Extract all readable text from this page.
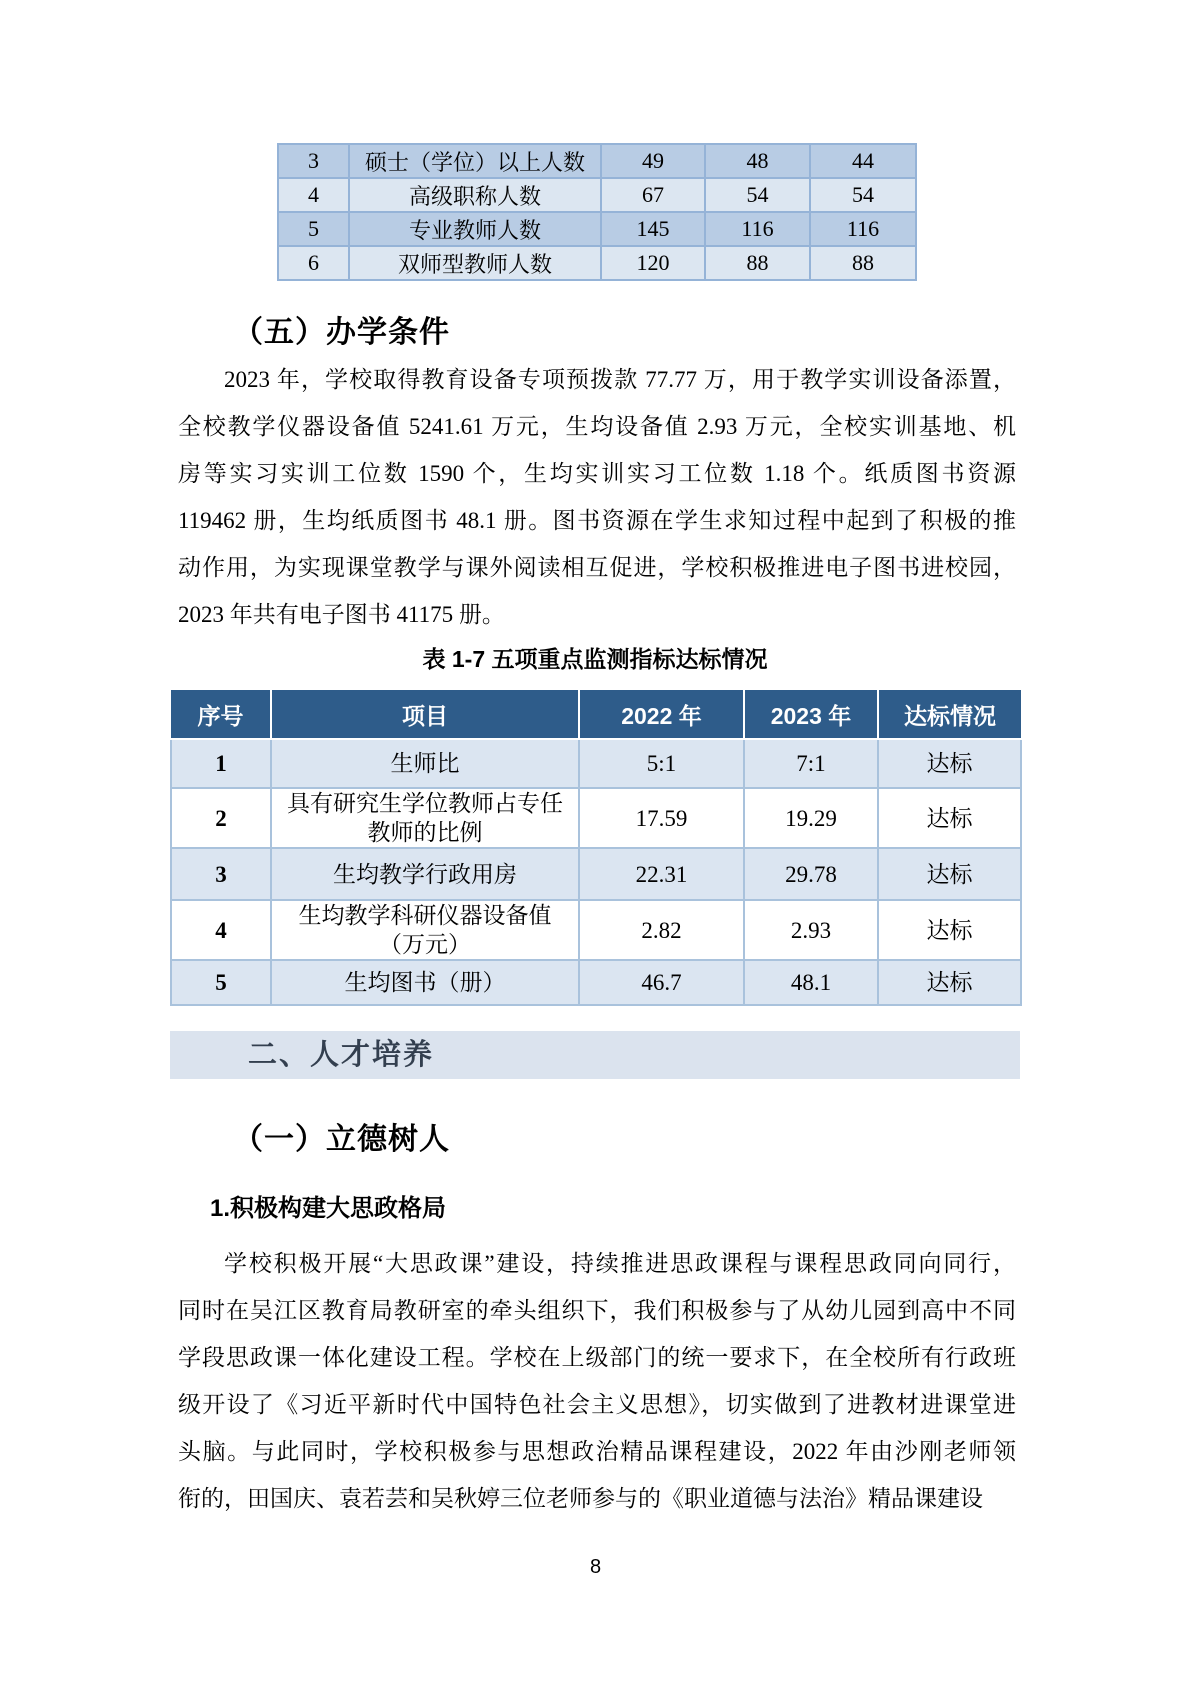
3	硕士（学位）以上人数	49	48	44
4	高级职称人数	67	54	54
5	专业教师人数	145	116	116
6	双师型教师人数	120	88	88
（五）办学条件
2023 年，学校取得教育设备专项预拨款 77.77 万，用于教学实训设备添置，
全校教学仪器设备值 5241.61 万元，生均设备值 2.93 万元，全校实训基地、机
房等实习实训工位数 1590 个，生均实训实习工位数 1.18 个。纸质图书资源
119462 册，生均纸质图书 48.1 册。图书资源在学生求知过程中起到了积极的推
动作用，为实现课堂教学与课外阅读相互促进，学校积极推进电子图书进校园，
2023 年共有电子图书 41175 册。
表 1-7 五项重点监测指标达标情况
序号	项目	2022 年	2023 年	达标情况
1	生师比	5:1	7:1	达标
2	具有研究生学位教师占专任教师的比例	17.59	19.29	达标
3	生均教学行政用房	22.31	29.78	达标
4	生均教学科研仪器设备值（万元）	2.82	2.93	达标
5	生均图书（册）	46.7	48.1	达标
二、人才培养
（一）立德树人
1.积极构建大思政格局
学校积极开展“大思政课”建设，持续推进思政课程与课程思政同向同行，
同时在吴江区教育局教研室的牵头组织下，我们积极参与了从幼儿园到高中不同
学段思政课一体化建设工程。学校在上级部门的统一要求下，在全校所有行政班
级开设了《习近平新时代中国特色社会主义思想》，切实做到了进教材进课堂进
头脑。与此同时，学校积极参与思想政治精品课程建设，2022 年由沙刚老师领
衔的，田国庆、袁若芸和吴秋婷三位老师参与的《职业道德与法治》精品课建设
8
